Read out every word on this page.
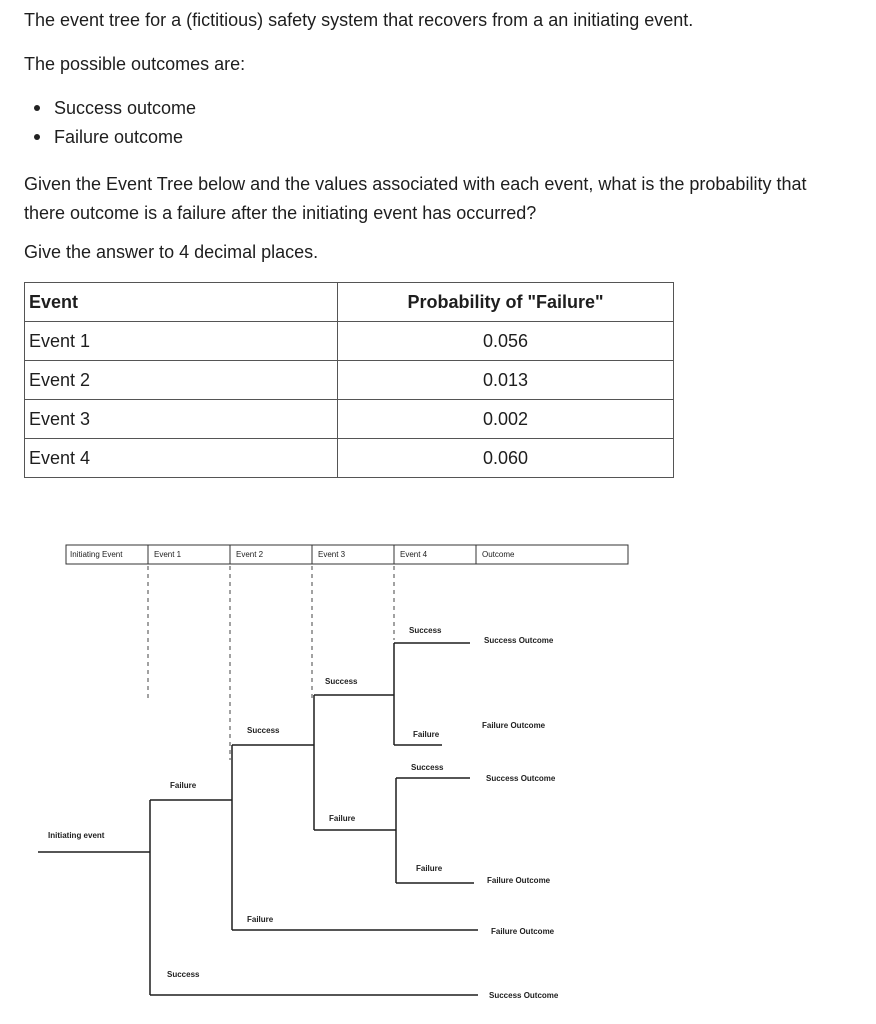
The event tree for a (fictitious) safety system that recovers from a an initiating event.
The possible outcomes are:
Success outcome
Failure outcome
Given the Event Tree below and the values associated with each event, what is the probability that there outcome is a failure after the initiating event has occurred?
Give the answer to 4 decimal places.
Event	Probability of "Failure"
Event 1	0.056
Event 2	0.013
Event 3	0.002
Event 4	0.060
Initiating Event	Event 1	Event 2	Event 3	Event 4	Outcome
Initiating event
Failure
Success
Success
Failure
Success
Failure
Success
Failure
Success
Failure
Success Outcome
Failure Outcome
Success Outcome
Failure Outcome
Failure Outcome
Success Outcome
